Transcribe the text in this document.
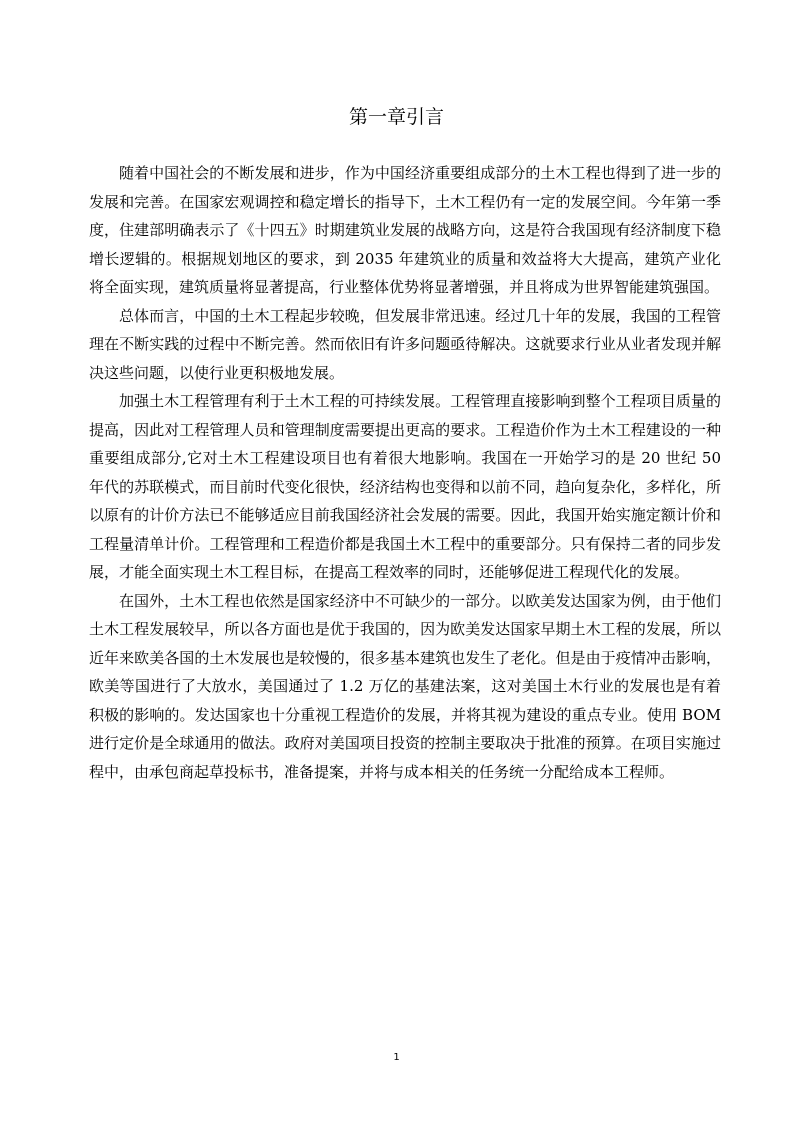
第一章引言

随着中国社会的不断发展和进步，作为中国经济重要组成部分的土木工程也得到了进一步的发展和完善。在国家宏观调控和稳定增长的指导下，土木工程仍有一定的发展空间。今年第一季度，住建部明确表示了《十四五》时期建筑业发展的战略方向，这是符合我国现有经济制度下稳增长逻辑的。根据规划地区的要求，到 2035 年建筑业的质量和效益将大大提高，建筑产业化将全面实现，建筑质量将显著提高，行业整体优势将显著增强，并且将成为世界智能建筑强国。

总体而言，中国的土木工程起步较晚，但发展非常迅速。经过几十年的发展，我国的工程管理在不断实践的过程中不断完善。然而依旧有许多问题亟待解决。这就要求行业从业者发现并解决这些问题，以使行业更积极地发展。

加强土木工程管理有利于土木工程的可持续发展。工程管理直接影响到整个工程项目质量的提高，因此对工程管理人员和管理制度需要提出更高的要求。工程造价作为土木工程建设的一种重要组成部分,它对土木工程建设项目也有着很大地影响。我国在一开始学习的是 20 世纪 50 年代的苏联模式，而目前时代变化很快，经济结构也变得和以前不同，趋向复杂化，多样化，所以原有的计价方法已不能够适应目前我国经济社会发展的需要。因此，我国开始实施定额计价和工程量清单计价。工程管理和工程造价都是我国土木工程中的重要部分。只有保持二者的同步发展，才能全面实现土木工程目标，在提高工程效率的同时，还能够促进工程现代化的发展。

在国外，土木工程也依然是国家经济中不可缺少的一部分。以欧美发达国家为例，由于他们土木工程发展较早，所以各方面也是优于我国的，因为欧美发达国家早期土木工程的发展，所以近年来欧美各国的土木发展也是较慢的，很多基本建筑也发生了老化。但是由于疫情冲击影响，欧美等国进行了大放水，美国通过了 1.2 万亿的基建法案，这对美国土木行业的发展也是有着积极的影响的。发达国家也十分重视工程造价的发展，并将其视为建设的重点专业。使用 BOM 进行定价是全球通用的做法。政府对美国项目投资的控制主要取决于批准的预算。在项目实施过程中，由承包商起草投标书，准备提案，并将与成本相关的任务统一分配给成本工程师。

1
